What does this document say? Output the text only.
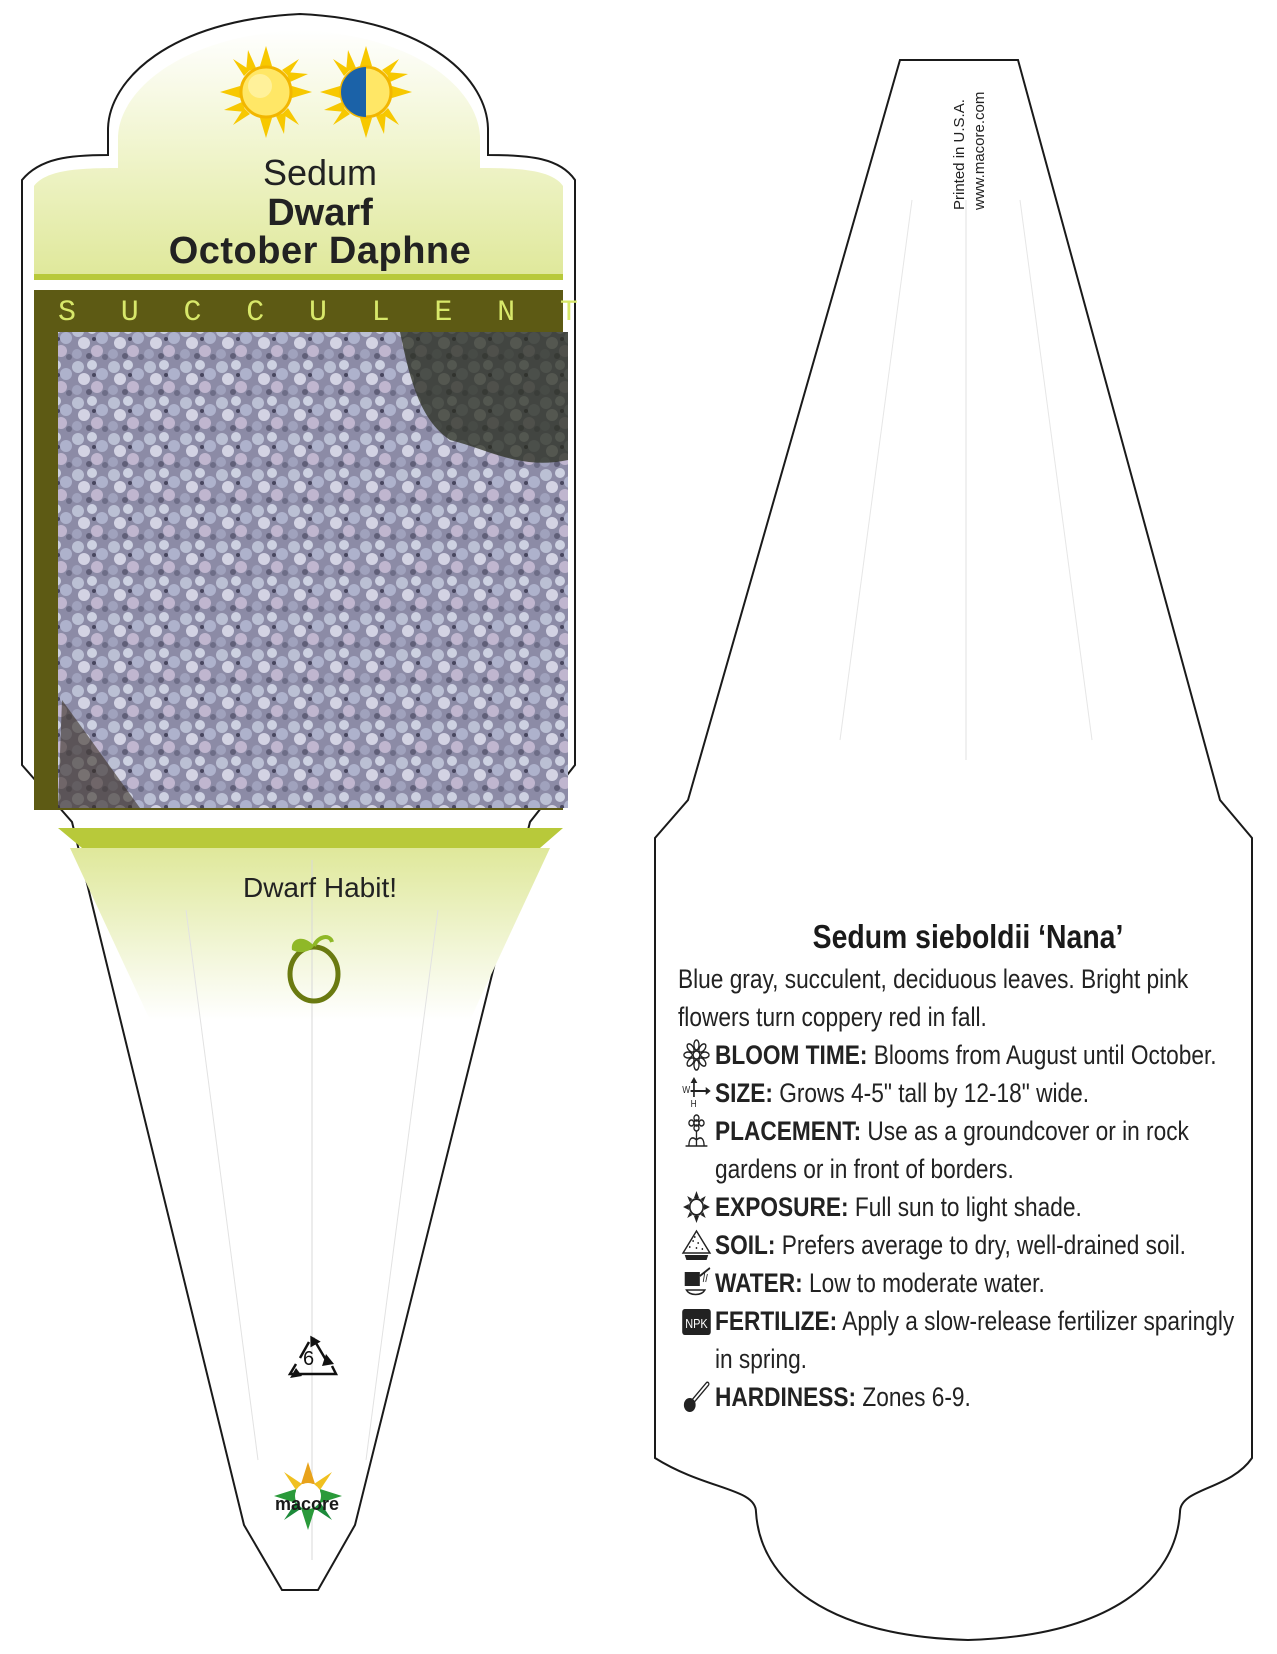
Sedum
Dwarf
October Daphne
S U C C U L E N T
Dwarf Habit!
6
macore
Printed in U.S.A. www.macore.com
Sedum sieboldii ‘Nana’
Blue gray, succulent, deciduous leaves. Bright pink flowers turn coppery red in fall.
BLOOM TIME: Blooms from August until October.
W
H SIZE: Grows 4-5" tall by 12-18" wide.
PLACEMENT: Use as a groundcover or in rock gardens or in front of borders.
EXPOSURE: Full sun to light shade.
SOIL: Prefers average to dry, well-drained soil.
WATER: Low to moderate water.
NPK FERTILIZE: Apply a slow-release fertilizer sparingly in spring.
HARDINESS: Zones 6-9.
